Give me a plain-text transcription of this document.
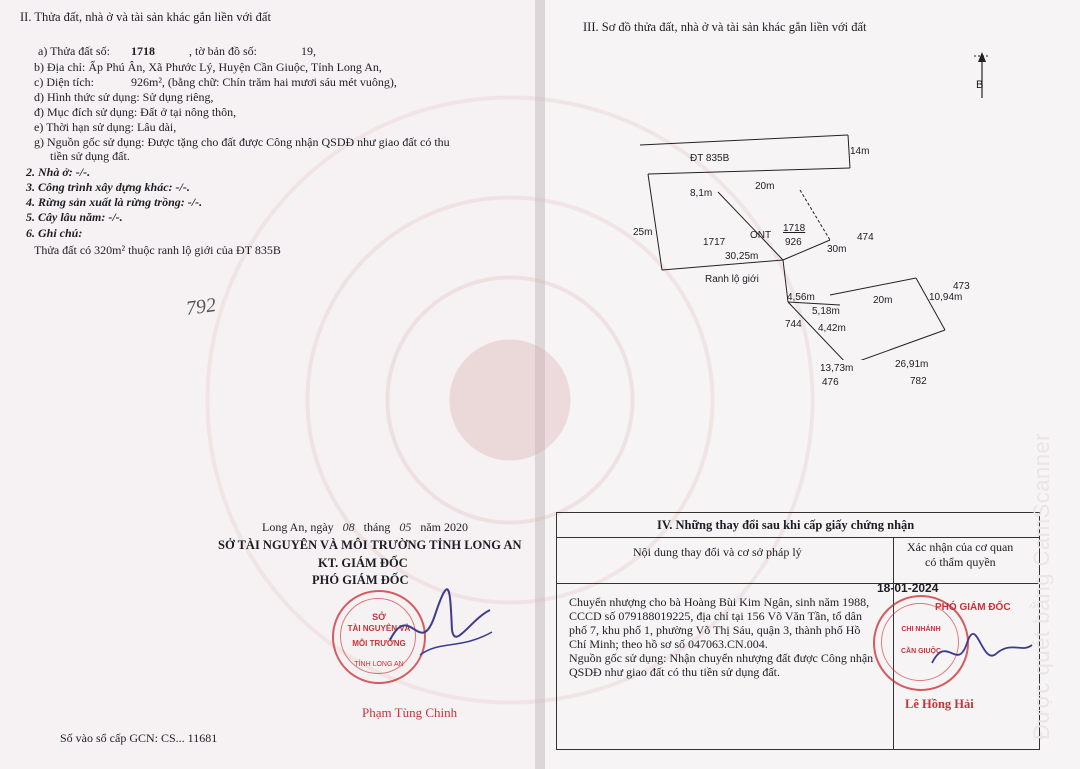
II. Thửa đất, nhà ở và tài sản khác gắn liền với đất
a) Thửa đất số: 1718	, tờ bản đồ số:	19,
b) Địa chỉ: Ấp Phú Ân, Xã Phước Lý, Huyện Cần Giuộc, Tỉnh Long An,
c) Diện tích:	926m², (bằng chữ: Chín trăm hai mươi sáu mét vuông),
d) Hình thức sử dụng: Sử dụng riêng,
đ) Mục đích sử dụng: Đất ở tại nông thôn,
e) Thời hạn sử dụng: Lâu dài,
g) Nguồn gốc sử dụng: Được tặng cho đất được Công nhận QSDĐ như giao đất có thu
tiền sử dụng đất.
2. Nhà ở: -/-.
3. Công trình xây dựng khác: -/-.
4. Rừng sản xuất là rừng trồng: -/-.
5. Cây lâu năm: -/-.
6. Ghi chú:
Thửa đất có 320m² thuộc ranh lộ giới của ĐT 835B
792
Long An, ngày 08 tháng 05 năm 2020
SỞ TÀI NGUYÊN VÀ MÔI TRƯỜNG TỈNH LONG AN
KT. GIÁM ĐỐC
PHÓ GIÁM ĐỐC
SỞ
TÀI NGUYÊN VÀ
MÔI TRƯỜNG
TỈNH LONG AN
Phạm Tùng Chinh
Số vào sổ cấp GCN: CS... 11681
III. Sơ đồ thửa đất, nhà ở và tài sản khác gắn liền với đất
B
ĐT 835B
14m
8,1m
20m
25m
1717
ONT
1718
926
30m
474
30,25m
Ranh lộ giới
4,56m
5,18m
744 4,42m
20m	10,94m
473
13,73m
476
26,91m
782
IV. Những thay đổi sau khi cấp giấy chứng nhận
Nội dung thay đổi và cơ sở pháp lý	Xác nhận của cơ quan
có thẩm quyền
Chuyển nhượng cho bà Hoàng Bùi Kim Ngân, sinh năm 1988,
CCCD số 079188019225, địa chỉ tại 156 Võ Văn Tần, tổ dân
phố 7, khu phố 1, phường Võ Thị Sáu, quận 3, thành phố Hồ
Chí Minh; theo hồ sơ số 047063.CN.004.
Nguồn gốc sử dụng: Nhận chuyển nhượng đất được Công nhận
QSDĐ như giao đất có thu tiền sử dụng đất.
18-01-2024
PHÓ GIÁM ĐỐC
CHI NHÁNH
CẦN GIUỘC
Lê Hồng Hải	Được quét bằng CamScanner
